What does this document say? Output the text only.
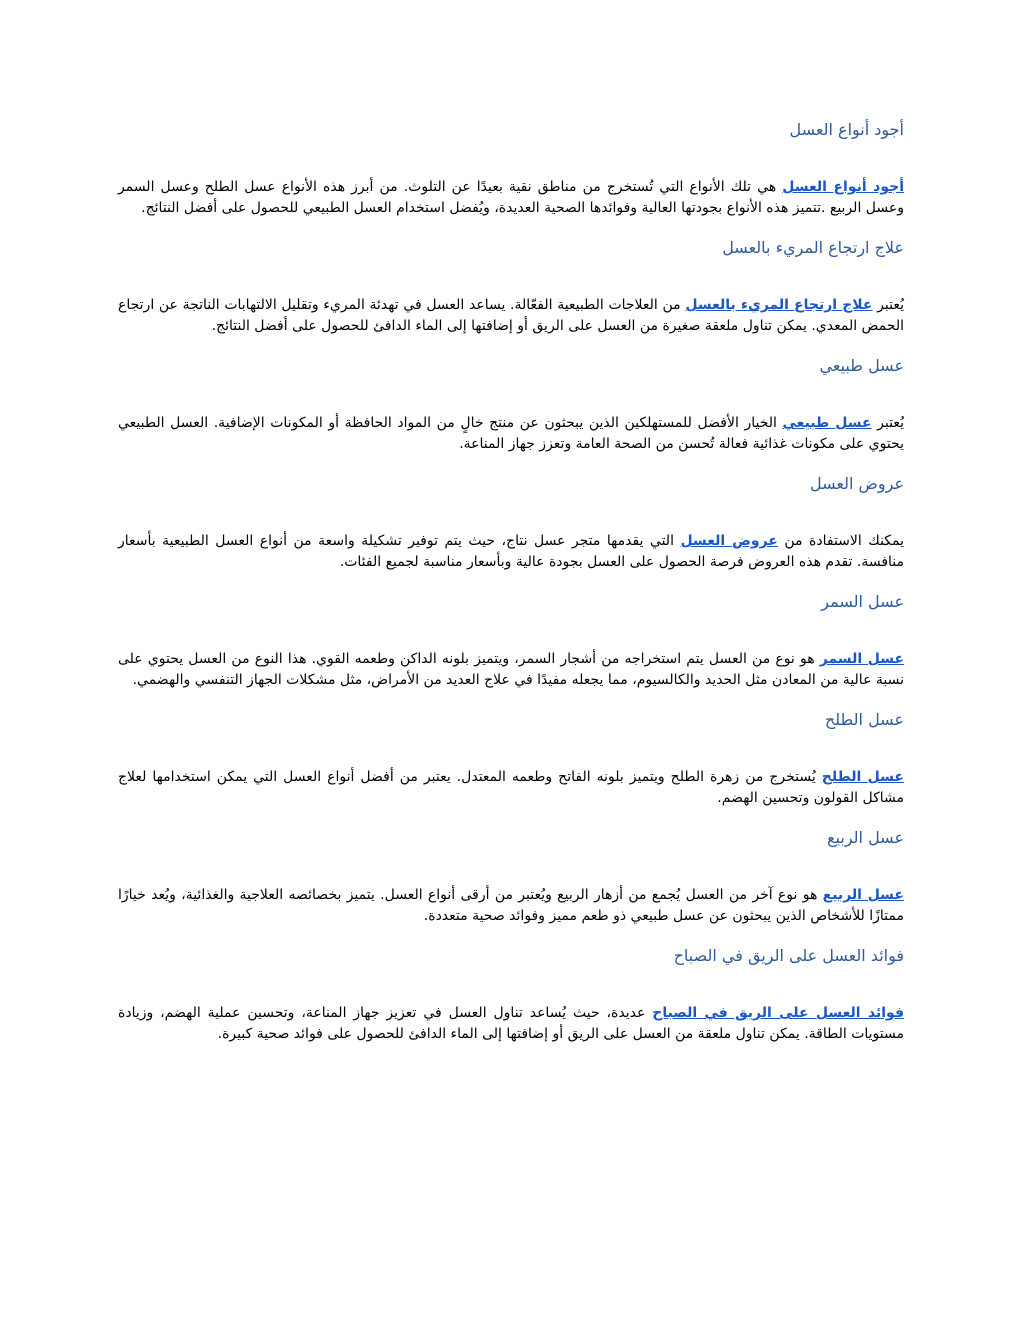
أجود أنواع العسل

أجود أنواع العسل هي تلك الأنواع التي تُستخرج من مناطق نقية بعيدًا عن التلوث. من أبرز هذه الأنواع عسل الطلح وعسل السمر وعسل الربيع .تتميز هذه الأنواع بجودتها العالية وفوائدها الصحية العديدة، ويُفضل استخدام العسل الطبيعي للحصول على أفضل النتائج.

علاج ارتجاع المريء بالعسل

يُعتبر علاج ارتجاع المريء بالعسل من العلاجات الطبيعية الفعّالة. يساعد العسل في تهدئة المريء وتقليل الالتهابات الناتجة عن ارتجاع الحمض المعدي. يمكن تناول ملعقة صغيرة من العسل على الريق أو إضافتها إلى الماء الدافئ للحصول على أفضل النتائج.

عسل طبيعي

يُعتبر عسل طبيعي الخيار الأفضل للمستهلكين الذين يبحثون عن منتج خالٍ من المواد الحافظة أو المكونات الإضافية. العسل الطبيعي يحتوي على مكونات غذائية فعالة تُحسن من الصحة العامة وتعزز جهاز المناعة.

عروض العسل

يمكنك الاستفادة من عروض العسل التي يقدمها متجر عسل نتاج، حيث يتم توفير تشكيلة واسعة من أنواع العسل الطبيعية بأسعار منافسة. تقدم هذه العروض فرصة الحصول على العسل بجودة عالية وبأسعار مناسبة لجميع الفئات.

عسل السمر

عسل السمر هو نوع من العسل يتم استخراجه من أشجار السمر، ويتميز بلونه الداكن وطعمه القوي. هذا النوع من العسل يحتوي على نسبة عالية من المعادن مثل الحديد والكالسيوم، مما يجعله مفيدًا في علاج العديد من الأمراض، مثل مشكلات الجهاز التنفسي والهضمي.

عسل الطلح

عسل الطلح يُستخرج من زهرة الطلح ويتميز بلونه الفاتح وطعمه المعتدل. يعتبر من أفضل أنواع العسل التي يمكن استخدامها لعلاج مشاكل القولون وتحسين الهضم.

عسل الربيع

عسل الربيع هو نوع آخر من العسل يُجمع من أزهار الربيع ويُعتبر من أرقى أنواع العسل. يتميز بخصائصه العلاجية والغذائية، ويُعد خيارًا ممتازًا للأشخاص الذين يبحثون عن عسل طبيعي ذو طعم مميز وفوائد صحية متعددة.

فوائد العسل على الريق في الصباح

فوائد العسل على الريق في الصباح عديدة، حيث يُساعد تناول العسل في تعزيز جهاز المناعة، وتحسين عملية الهضم، وزيادة مستويات الطاقة. يمكن تناول ملعقة من العسل على الريق أو إضافتها إلى الماء الدافئ للحصول على فوائد صحية كبيرة.
